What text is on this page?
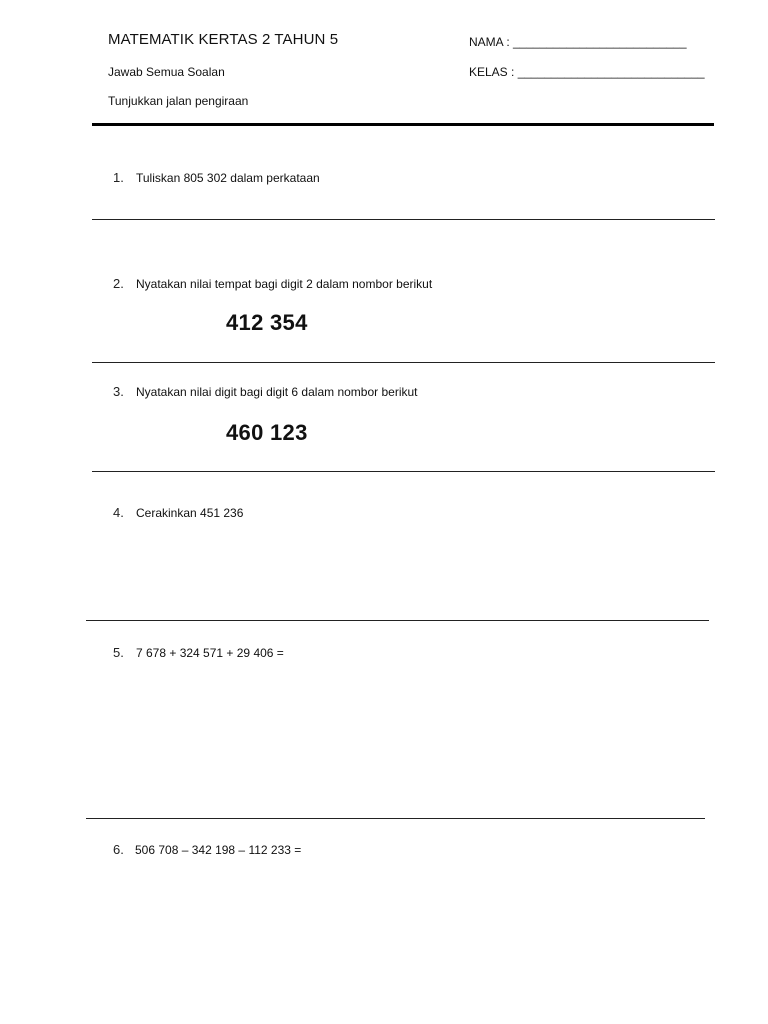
MATEMATIK KERTAS 2 TAHUN 5
Jawab Semua Soalan
Tunjukkan jalan pengiraan
NAMA : __________________________
KELAS : ____________________________
1. Tuliskan 805 302 dalam perkataan
2. Nyatakan nilai tempat bagi digit 2 dalam nombor berikut
412 354
3. Nyatakan nilai digit bagi digit 6 dalam nombor berikut
460 123
4. Cerakinkan 451 236
5. 7 678 + 324 571 + 29 406 =
6. 506 708 – 342 198 – 112 233 =
